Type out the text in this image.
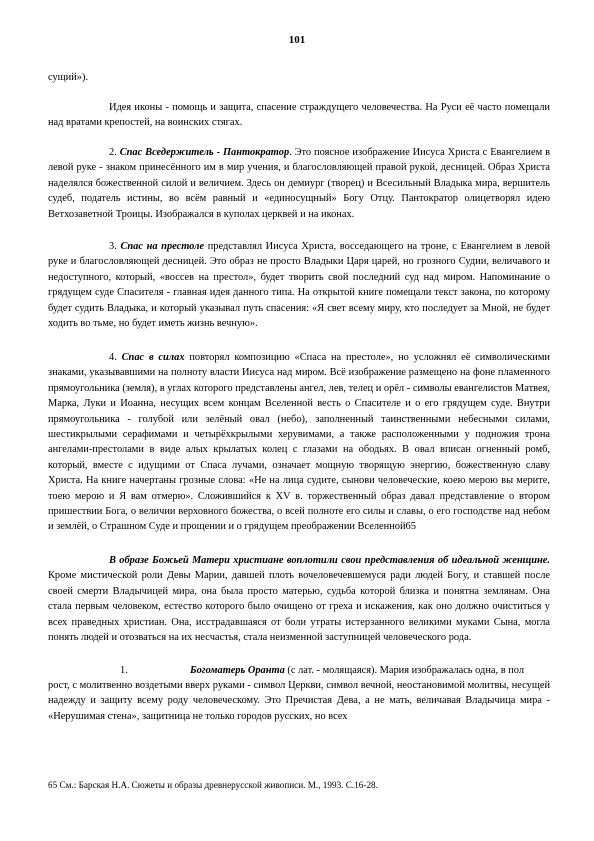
101

сущий»).

Идея иконы - помощь и защита, спасение страждущего человечества. На Руси её часто помещали над вратами крепостей, на воинских стягах.

2. Спас Вседержитель - Пантократор. Это поясное изображение Иисуса Христа с Евангелием в левой руке - знаком принесённого им в мир учения, и благословляющей правой рукой, десницей. Образ Христа наделялся божественной силой и величием. Здесь он демиург (творец) и Всесильный Владыка мира, вершитель судеб, податель истины, во всём равный и «единосущный» Богу Отцу. Пантократор олицетворял идею Ветхозаветной Троицы. Изображался в куполах церквей и на иконах.

3. Спас на престоле представлял Иисуса Христа, восседающего на троне, с Евангелием в левой руке и благословляющей десницей. Это образ не просто Владыки Царя царей, но грозного Судии, величавого и недоступного, который, «воссев на престол», будет творить свой последний суд над миром. Напоминание о грядущем суде Спасителя - главная идея данного типа. На открытой книге помещали текст закона, по которому будет судить Владыка, и который указывал путь спасения: «Я свет всему миру, кто последует за Мной, не будет ходить во тьме, но будет иметь жизнь вечную».

4. Спас в силах повторял композицию «Спаса на престоле», но усложнял её символическими знаками, указывавшими на полноту власти Иисуса над миром. Всё изображение размещено на фоне пламенного прямоугольника (земля), в углах которого представлены ангел, лев, телец и орёл - символы евангелистов Матвея, Марка, Луки и Иоанна, несущих всем концам Вселенной весть о Спасителе и о его грядущем суде. Внутри прямоугольника - голубой или зелёный овал (небо), заполненный таинственными небесными силами, шестикрылыми серафимами и четырёхкрылыми херувимами, а также расположенными у подножия трона ангелами-престолами в виде алых крылатых колец с глазами на ободьях. В овал вписан огненный ромб, который, вместе с идущими от Спаса лучами, означает мощную творящую энергию, божественную славу Христа. На книге начертаны грозные слова: «Не на лица судите, сынови человеческие, коею мерою вы мерите, тоею мерою и Я вам отмерю». Сложившийся к XV в. торжественный образ давал представление о втором пришествии Бога, о величии верховного божества, о всей полноте его силы и славы, о его господстве над небом и землёй, о Страшном Суде и прощении и о грядущем преображении Вселенной65

В образе Божьей Матери христиане воплотили свои представления об идеальной женщине. Кроме мистической роли Девы Марии, давшей плоть вочеловечевшемуся ради людей Богу, и ставшей после своей смерти Владычицей мира, она была просто матерью, судьба которой близка и понятна землянам. Она стала первым человеком, естество которого было очищено от греха и искажения, как оно должно очиститься у всех праведных христиан. Она, исстрадавшаяся от боли утраты истерзанного великими муками Сына, могла понять людей и отозваться на их несчастья, стала неизменной заступницей человеческого рода.

1.	Богоматерь Оранта (с лат. - молящаяся). Мария изображалась одна, в пол

рост, с молитвенно воздетыми вверх руками - символ Церкви, символ вечной, неостановимой молитвы, несущей надежду и защиту всему роду человеческому. Это Пречистая Дева, а не мать, величавая Владычица мира - «Нерушимая стена», защитница не только городов русских, но всех

65 См.: Барская Н.А. Сюжеты и образы древнерусской живописи. М., 1993. С.16-28.
